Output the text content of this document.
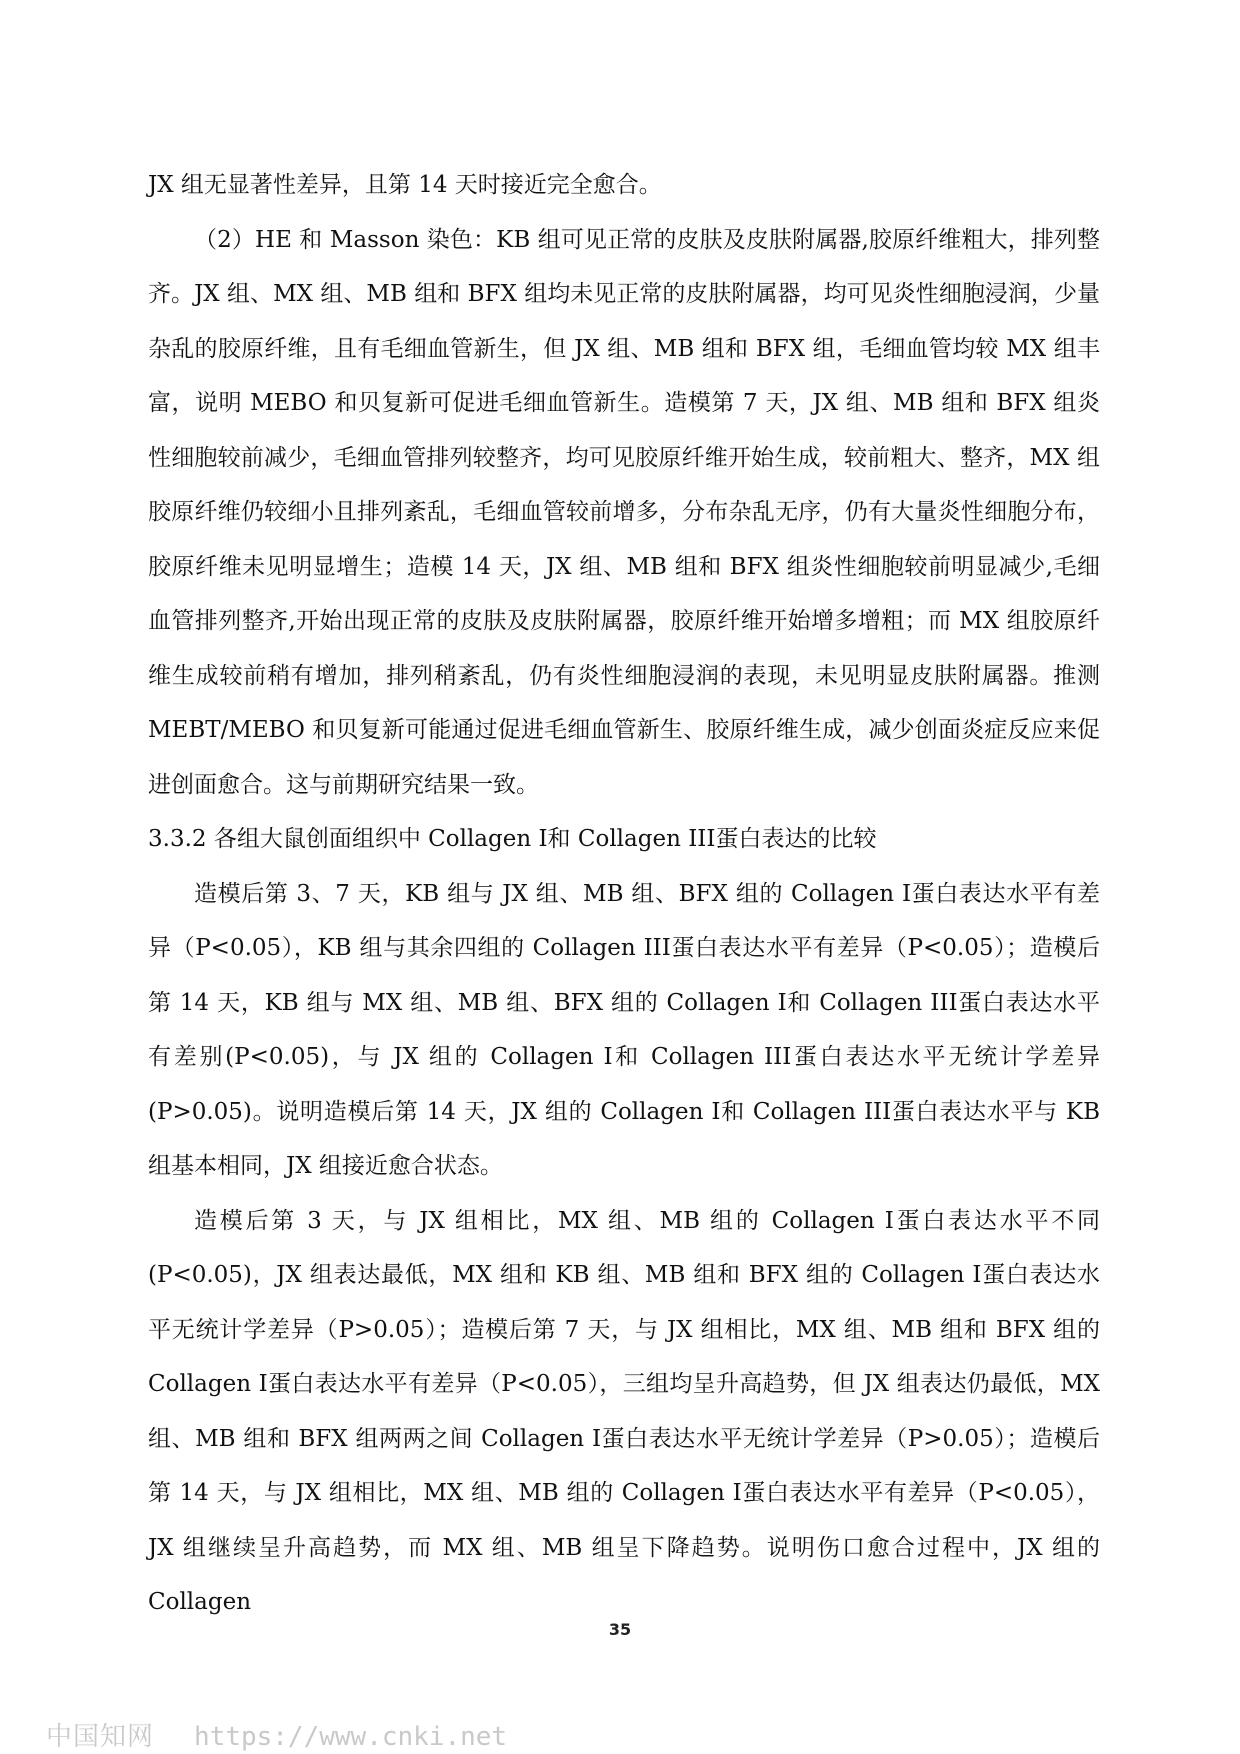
JX 组无显著性差异，且第 14 天时接近完全愈合。

（2）HE 和 Masson 染色：KB 组可见正常的皮肤及皮肤附属器,胶原纤维粗大，排列整齐。JX 组、MX 组、MB 组和 BFX 组均未见正常的皮肤附属器，均可见炎性细胞浸润，少量杂乱的胶原纤维，且有毛细血管新生，但 JX 组、MB 组和 BFX 组，毛细血管均较 MX 组丰富，说明 MEBO 和贝复新可促进毛细血管新生。造模第 7 天，JX 组、MB 组和 BFX 组炎性细胞较前减少，毛细血管排列较整齐，均可见胶原纤维开始生成，较前粗大、整齐，MX 组胶原纤维仍较细小且排列紊乱，毛细血管较前增多，分布杂乱无序，仍有大量炎性细胞分布，胶原纤维未见明显增生；造模 14 天，JX 组、MB 组和 BFX 组炎性细胞较前明显减少,毛细血管排列整齐,开始出现正常的皮肤及皮肤附属器，胶原纤维开始增多增粗；而 MX 组胶原纤维生成较前稍有增加，排列稍紊乱，仍有炎性细胞浸润的表现，未见明显皮肤附属器。推测 MEBT/MEBO 和贝复新可能通过促进毛细血管新生、胶原纤维生成，减少创面炎症反应来促进创面愈合。这与前期研究结果一致。

3.3.2 各组大鼠创面组织中 Collagen I和 Collagen III蛋白表达的比较

造模后第 3、7 天，KB 组与 JX 组、MB 组、BFX 组的 Collagen I蛋白表达水平有差异（P<0.05），KB 组与其余四组的 Collagen III蛋白表达水平有差异（P<0.05）；造模后第 14 天，KB 组与 MX 组、MB 组、BFX 组的 Collagen I和 Collagen III蛋白表达水平有差别(P<0.05)，与 JX 组的 Collagen I和 Collagen III蛋白表达水平无统计学差异(P>0.05)。说明造模后第 14 天，JX 组的 Collagen I和 Collagen III蛋白表达水平与 KB 组基本相同，JX 组接近愈合状态。

造模后第 3 天，与 JX 组相比，MX 组、MB 组的 Collagen I蛋白表达水平不同(P<0.05)，JX 组表达最低，MX 组和 KB 组、MB 组和 BFX 组的 Collagen I蛋白表达水平无统计学差异（P>0.05）；造模后第 7 天，与 JX 组相比，MX 组、MB 组和 BFX 组的 Collagen I蛋白表达水平有差异（P<0.05），三组均呈升高趋势，但 JX 组表达仍最低，MX 组、MB 组和 BFX 组两两之间 Collagen I蛋白表达水平无统计学差异（P>0.05）；造模后第 14 天，与 JX 组相比，MX 组、MB 组的 Collagen I蛋白表达水平有差异（P<0.05），JX 组继续呈升高趋势，而 MX 组、MB 组呈下降趋势。说明伤口愈合过程中，JX 组的 Collagen

35
中国知网 https://www.cnki.net
